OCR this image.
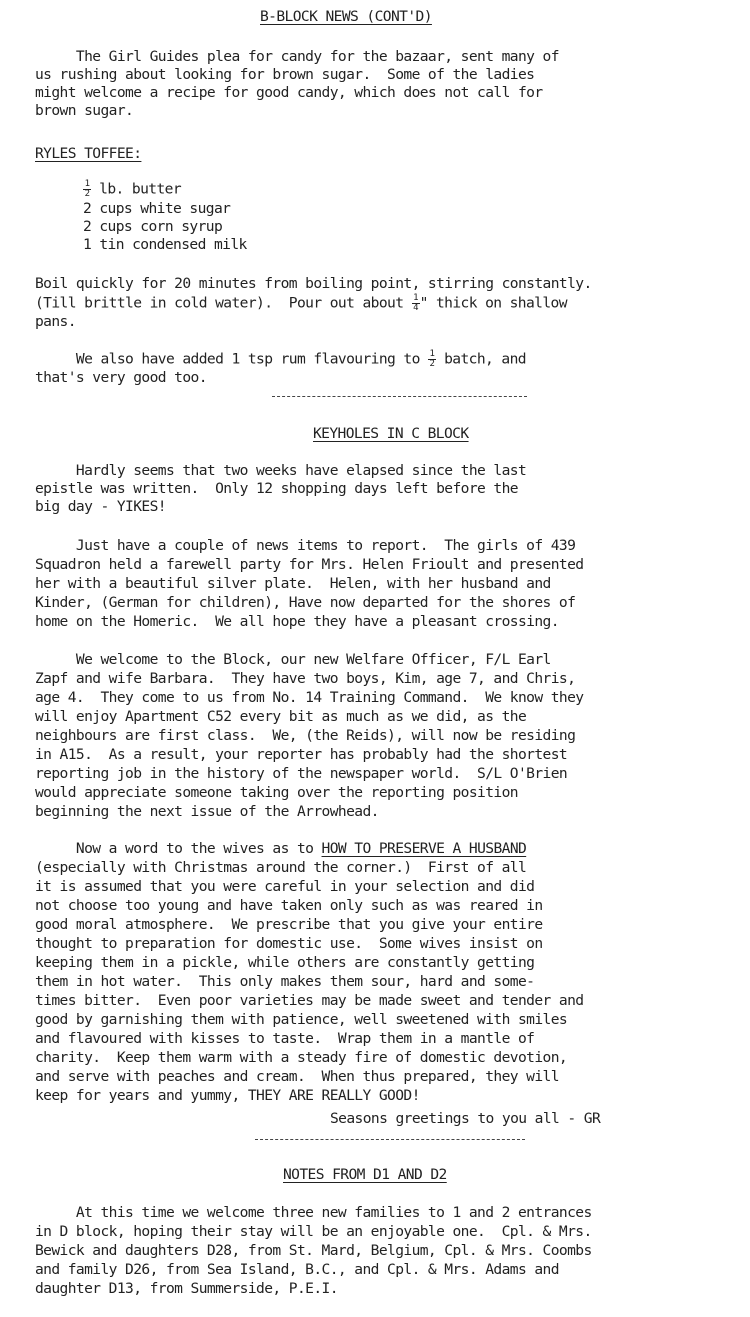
B-BLOCK NEWS (CONT'D)
The Girl Guides plea for candy for the bazaar, sent many of
us rushing about looking for brown sugar.  Some of the ladies
might welcome a recipe for good candy, which does not call for
brown sugar.
RYLES TOFFEE:
$\frac{1}{2}$ lb. butter
2 cups white sugar
2 cups corn syrup
1 tin condensed milk
Boil quickly for 20 minutes from boiling point, stirring constantly.
(Till brittle in cold water).  Pour out about $\frac{1}{4}$ " thick on shallow
pans.
We also have added 1 tsp rum flavouring to $\frac{1}{2}$ batch, and
that's very good too.
KEYHOLES IN C BLOCK
Hardly seems that two weeks have elapsed since the last
epistle was written.  Only 12 shopping days left before the
big day - YIKES!
Just have a couple of news items to report.  The girls of 439
Squadron held a farewell party for Mrs. Helen Frioult and presented
her with a beautiful silver plate.  Helen, with her husband and
Kinder, (German for children), Have now departed for the shores of
home on the Homeric.  We all hope they have a pleasant crossing.
We welcome to the Block, our new Welfare Officer, F/L Earl
Zapf and wife Barbara.  They have two boys, Kim, age 7, and Chris,
age 4.  They come to us from No. 14 Training Command.  We know they
will enjoy Apartment C52 every bit as much as we did, as the
neighbours are first class.  We, (the Reids), will now be residing
in A15.  As a result, your reporter has probably had the shortest
reporting job in the history of the newspaper world.  S/L O'Brien
would appreciate someone taking over the reporting position
beginning the next issue of the Arrowhead.
Now a word to the wives as to HOW TO PRESERVE A HUSBAND
(especially with Christmas around the corner.)  First of all
it is assumed that you were careful in your selection and did
not choose too young and have taken only such as was reared in
good moral atmosphere.  We prescribe that you give your entire
thought to preparation for domestic use.  Some wives insist on
keeping them in a pickle, while others are constantly getting
them in hot water.  This only makes them sour, hard and some-
times bitter.  Even poor varieties may be made sweet and tender and
good by garnishing them with patience, well sweetened with smiles
and flavoured with kisses to taste.  Wrap them in a mantle of
charity.  Keep them warm with a steady fire of domestic devotion,
and serve with peaches and cream.  When thus prepared, they will
keep for years and yummy, THEY ARE REALLY GOOD!
Seasons greetings to you all - GR
NOTES FROM D1 AND D2
At this time we welcome three new families to 1 and 2 entrances
in D block, hoping their stay will be an enjoyable one.  Cpl. & Mrs.
Bewick and daughters D28, from St. Mard, Belgium, Cpl. & Mrs. Coombs
and family D26, from Sea Island, B.C., and Cpl. & Mrs. Adams and
daughter D13, from Summerside, P.E.I.
